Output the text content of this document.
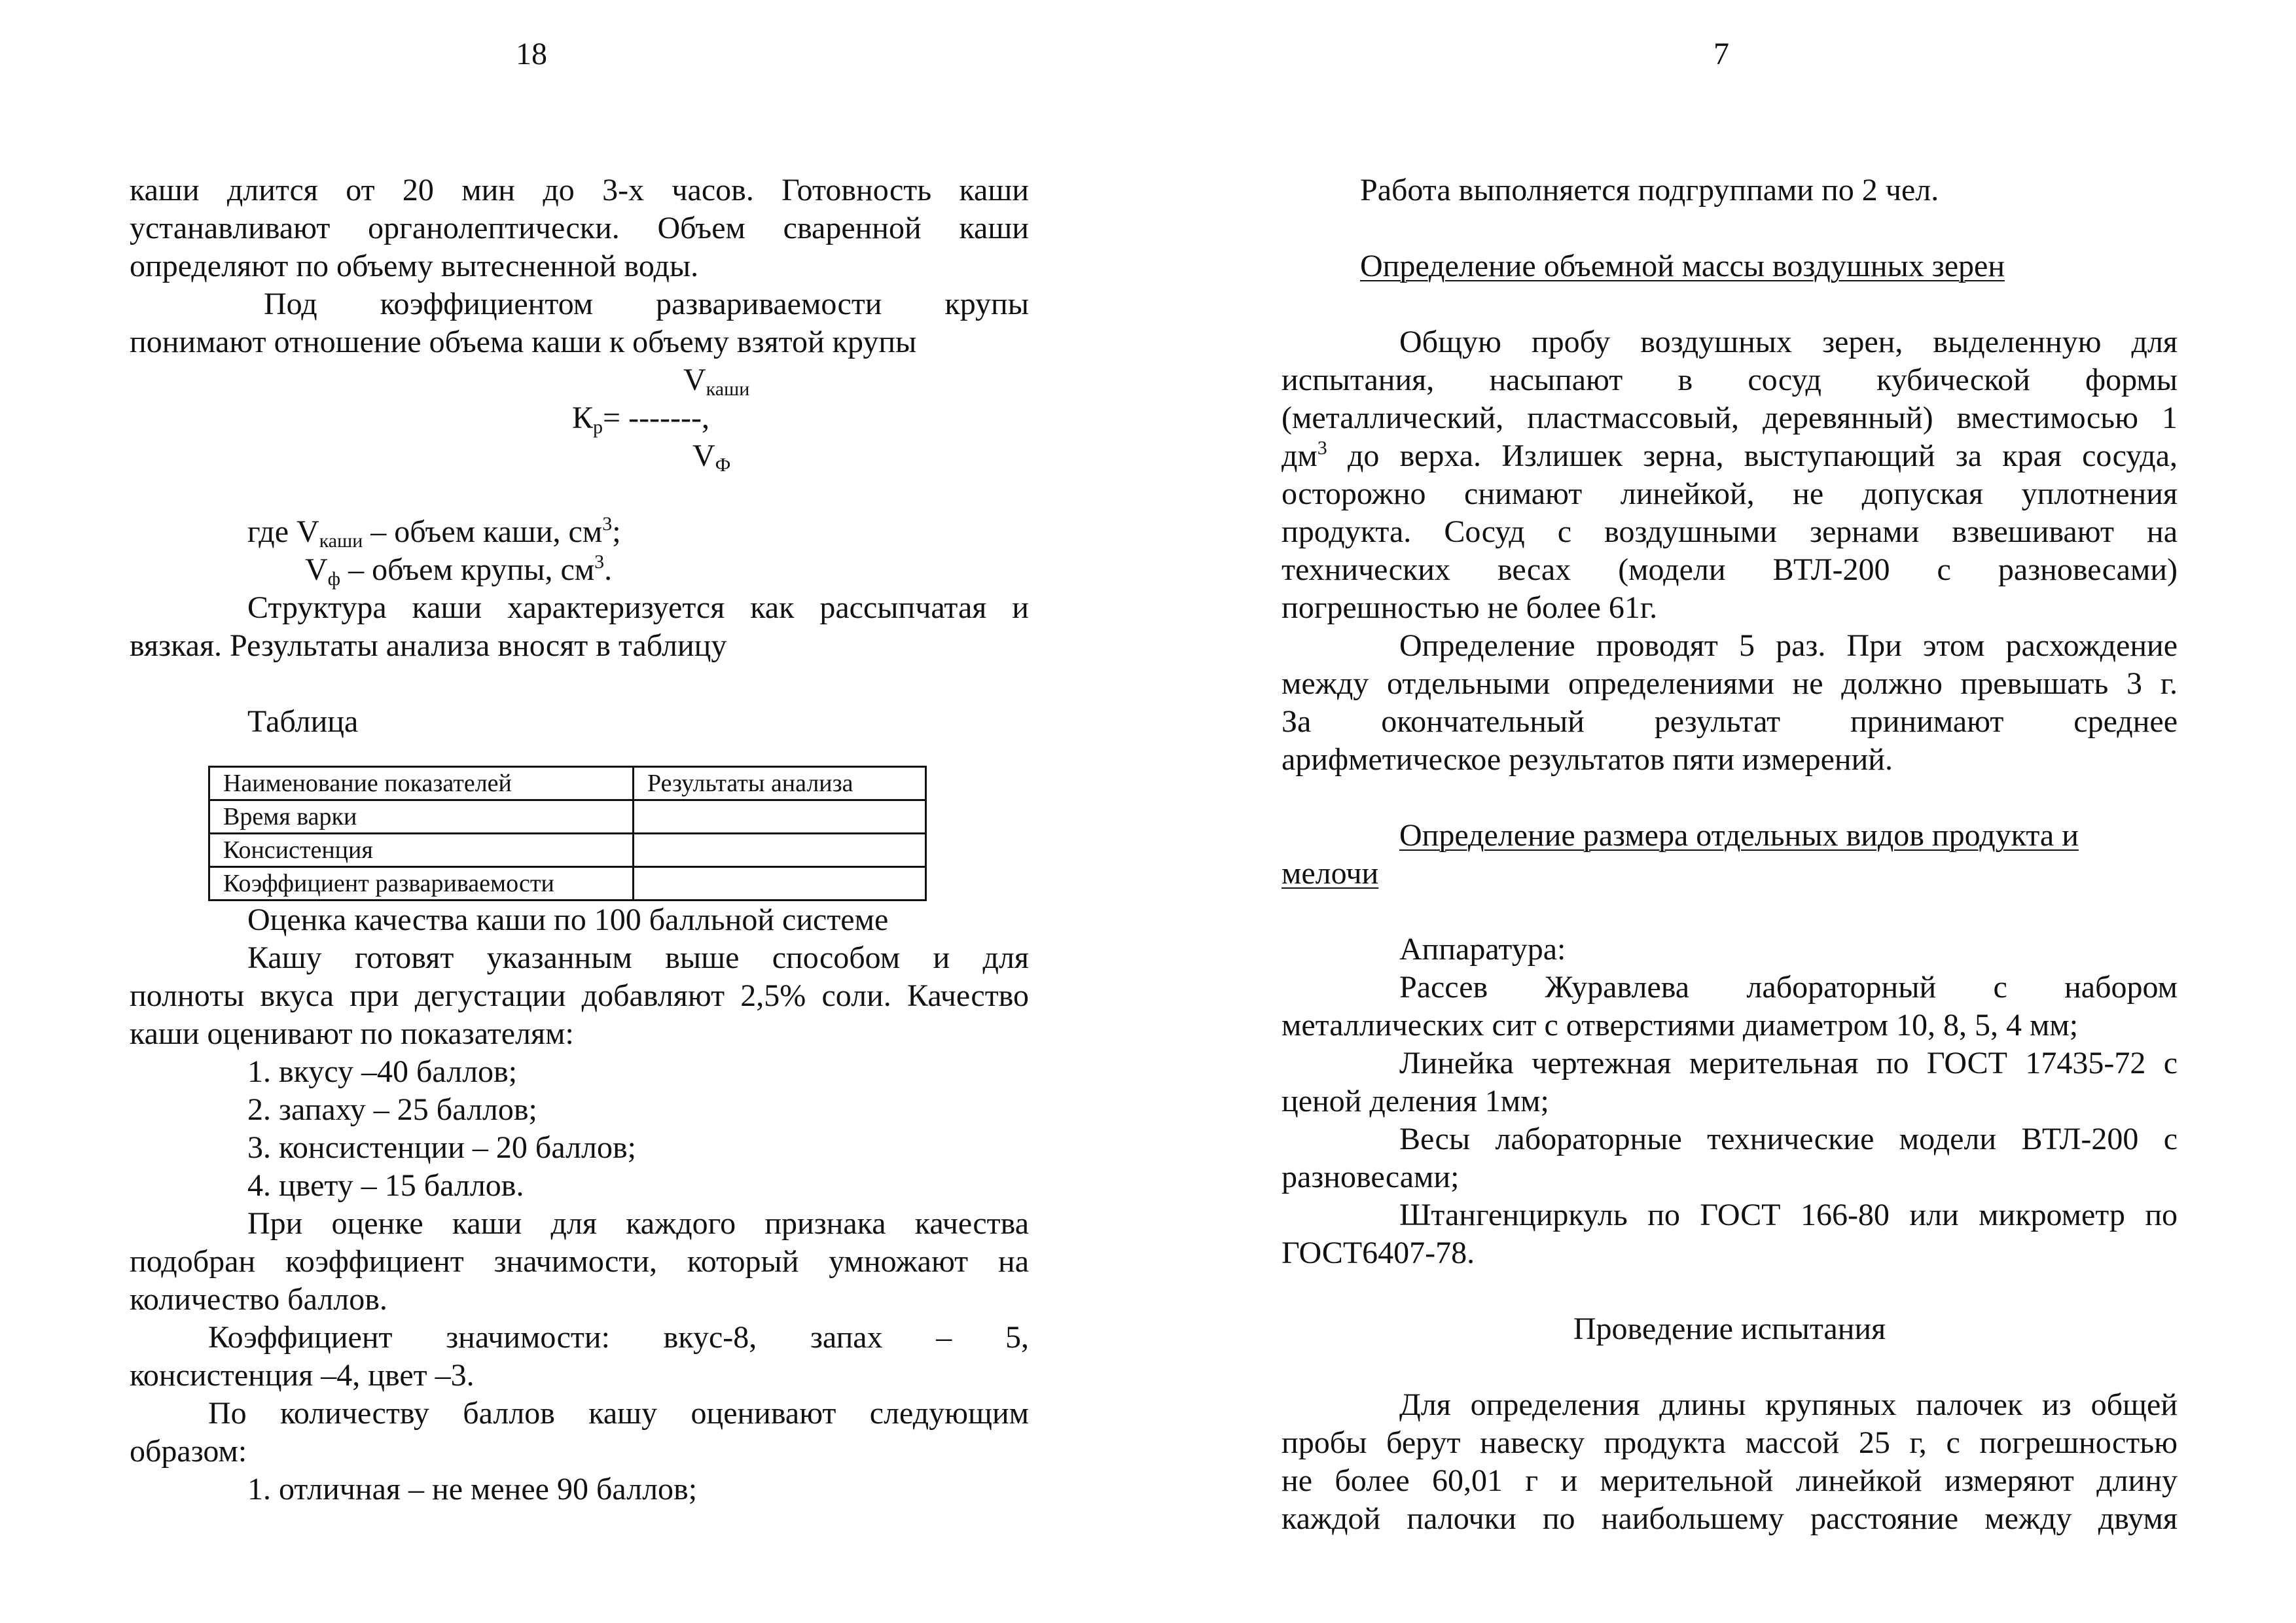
18

каши длится от 20 мин до 3-х часов. Готовность каши

устанавливают органолептически. Объем сваренной каши

определяют по объему вытесненной воды.

Под коэффициентом развариваемости крупы

понимают отношение объема каши к объему взятой крупы

$V_{каши}$
$К_р=$ -------,
$V_Ф$

где $V_{каши}$ – объем каши, $см^3$;

$V_ф$ – объем крупы, $см^3$.

Структура каши характеризуется как рассыпчатая и

вязкая. Результаты анализа вносят в таблицу

Таблица

Наименование показателей	Результаты анализа
Время варки	
Консистенция	
Коэффициент развариваемости	

Оценка качества каши по 100 балльной системе

Кашу готовят указанным выше способом и для

полноты вкуса при дегустации добавляют 2,5% соли. Качество

каши оценивают по показателям:

1. вкусу –40 баллов;
2. запаху – 25 баллов;
3. консистенции – 20 баллов;
4. цвету – 15 баллов.

При оценке каши для каждого признака качества

подобран коэффициент значимости, который умножают на

количество баллов.

Коэффициент значимости: вкус-8, запах – 5,

консистенция –4, цвет –3.

По количеству баллов кашу оценивают следующим

образом:

1. отличная – не менее 90 баллов;
7

Работа выполняется подгруппами по 2 чел.

Определение объемной массы воздушных зерен

Общую пробу воздушных зерен, выделенную для

испытания, насыпают в сосуд кубической формы

(металлический, пластмассовый, деревянный) вместимосью 1

$дм^3$ до верха. Излишек зерна, выступающий за края сосуда,

осторожно снимают линейкой, не допуская уплотнения

продукта. Сосуд с воздушными зернами взвешивают на

технических весах (модели ВТЛ-200 с разновесами)

погрешностью не более 61г.

Определение проводят 5 раз. При этом расхождение

между отдельными определениями не должно превышать 3 г.

За окончательный результат принимают среднее

арифметическое результатов пяти измерений.

Определение размера отдельных видов продукта и

мелочи

Аппаратура:

Рассев Журавлева лабораторный с набором

металлических сит с отверстиями диаметром 10, 8, 5, 4 мм;

Линейка чертежная мерительная по ГОСТ 17435-72 с

ценой деления 1мм;

Весы лабораторные технические модели ВТЛ-200 с

разновесами;

Штангенциркуль по ГОСТ 166-80 или микрометр по

ГОСТ6407-78.

Проведение испытания

Для определения длины крупяных палочек из общей

пробы берут навеску продукта массой 25 г, с погрешностью

не более 60,01 г и мерительной линейкой измеряют длину

каждой палочки по наибольшему расстояние между двумя
